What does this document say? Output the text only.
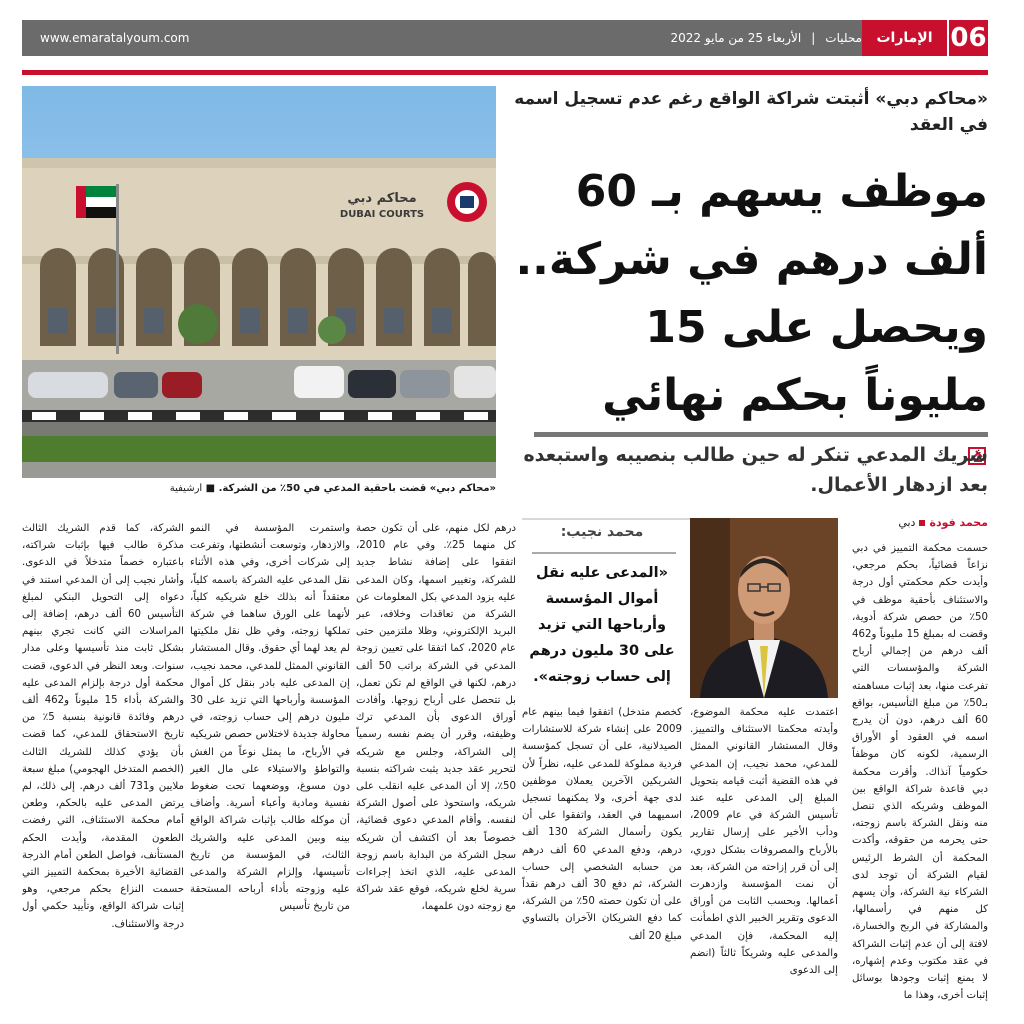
www.emaratalyoum.com	محليات|الأربعاء 25 من مايو 2022	الإمارات 06
محاكم دبي
DUBAI COURTS
«محاكم دبي» قضت بأحقية المدعي في 50٪ من الشركة. ■ أرشيفية
«محاكم دبي» أثبتت شراكة الواقع رغم عدم تسجيل اسمه في العقد
موظف يسهم بـ 60 ألف درهم في شركة.. ويحصل على 15 مليوناً بحكم نهائي
شريك المدعي تنكر له حين طالب بنصيبه واستبعده بعد ازدهار الأعمال.
محمد فودةدبي
محمد نجيب:
«المدعى عليه نقل أموال المؤسسة وأرباحها التي تزيد على 30 مليون درهم إلى حساب زوجته».

حسمت محكمة التمييز في دبي نزاعاً قضائياً، بحكم مرجعي، وأيدت حكم محكمتي أول درجة والاستئناف بأحقية موظف في 50٪ من حصص شركة أدوية، وقضت له بمبلغ 15 مليوناً و462 ألف درهم من إجمالي أرباح الشركة والمؤسسات التي تفرعت منها، بعد إثبات مساهمته بـ50٪ من مبلغ التأسيس، بواقع 60 ألف درهم، دون أن يدرج اسمه في العقود أو الأوراق الرسمية، لكونه كان موظفاً حكومياً آنذاك. وأقرت محكمة دبي قاعدة شراكة الواقع بين الموظف وشريكه الذي تنصل منه ونقل الشركة باسم زوجته، حتى يحرمه من حقوقه، وأكدت المحكمة أن الشرط الرئيس لقيام الشركة أن توجد لدى الشركاء نية الشركة، وأن يسهم كل منهم في رأسمالها، والمشاركة في الربح والخسارة، لافتة إلى أن عدم إثبات الشراكة في عقد مكتوب وعدم إشهاره، لا يمنع إثبات وجودها بوسائل إثبات أخرى، وهذا ما

اعتمدت عليه محكمة الموضوع، وأيدته محكمتا الاستئناف والتمييز. وقال المستشار القانوني الممثل للمدعي، محمد نجيب، إن المدعي في هذه القضية أثبت قيامه بتحويل المبلغ إلى المدعى عليه عند تأسيس الشركة في عام 2009، ودأب الأخير على إرسال تقارير بالأرباح والمصروفات بشكل دوري، إلى أن قرر إزاحته من الشركة، بعد أن نمت المؤسسة وازدهرت أعمالها. وبحسب الثابت من أوراق الدعوى وتقرير الخبير الذي اطمأنت إليه المحكمة، فإن المدعي والمدعى عليه وشريكاً ثالثاً (انضم إلى الدعوى

كخصم متدخل) اتفقوا فيما بينهم عام 2009 على إنشاء شركة للاستشارات الصيدلانية، على أن تسجل كمؤسسة فردية مملوكة للمدعى عليه، نظراً لأن الشريكين الآخرين يعملان موظفين لدى جهة أخرى، ولا يمكنهما تسجيل اسميهما في العقد، واتفقوا على أن يكون رأسمال الشركة 130 ألف درهم، ودفع المدعي 60 ألف درهم من حسابه الشخصي إلى حساب الشركة، ثم دفع 30 ألف درهم نقداً على أن تكون حصته 50٪ من الشركة، كما دفع الشريكان الآخران بالتساوي مبلغ 20 ألف

درهم لكل منهم، على أن تكون حصة كل منهما 25٪. وفي عام 2010، اتفقوا على إضافة نشاط جديد للشركة، وتغيير اسمها، وكان المدعى عليه يزود المدعي بكل المعلومات عن الشركة من تعاقدات وخلافه، عبر البريد الإلكتروني، وظلا ملتزمين حتى عام 2020، كما اتفقا على تعيين زوجة المدعي في الشركة براتب 50 ألف درهم، لكنها في الواقع لم تكن تعمل، بل تتحصل على أرباح زوجها. وأفادت أوراق الدعوى بأن المدعي ترك وظيفته، وقرر أن يضم نفسه رسمياً إلى الشراكة، وجلس مع شريكه لتحرير عقد جديد يثبت شراكته بنسبة 50٪، إلا أن المدعى عليه انقلب على شريكه، واستحوذ على أصول الشركة لنفسه. وأقام المدعي دعوى قضائية، خصوصاً بعد أن اكتشف أن شريكه سجل الشركة من البداية باسم زوجة المدعى عليه، الذي اتخذ إجراءات سرية لخلع شريكه، فوقع عقد شراكة مع زوجته دون علمهما،

واستمرت المؤسسة في النمو والازدهار، وتوسعت أنشطتها، وتفرعت إلى شركات أخرى، وفي هذه الأثناء نقل المدعى عليه الشركة باسمه كلياً، معتقداً أنه بذلك خلع شريكيه كلياً، لأنهما على الورق ساهما في شركة تملكها زوجته، وفي ظل نقل ملكيتها لم يعد لهما أي حقوق. وقال المستشار القانوني الممثل للمدعي، محمد نجيب، إن المدعى عليه بادر بنقل كل أموال المؤسسة وأرباحها التي تزيد على 30 مليون درهم إلى حساب زوجته، في محاولة جديدة لاختلاس حصص شريكيه في الأرباح، ما يمثل نوعاً من الغش والتواطؤ والاستيلاء على مال الغير دون مسوغ، ووضعهما تحت ضغوط نفسية ومادية وأعباء أسرية. وأضاف أن موكله طالب بإثبات شراكة الواقع بينه وبين المدعى عليه والشريك الثالث، في المؤسسة من تاريخ تأسيسها، وإلزام الشركة والمدعى عليه وزوجته بأداء أرباحه المستحقة من تاريخ تأسيس

الشركة، كما قدم الشريك الثالث مذكرة طالب فيها بإثبات شراكته، باعتباره خصماً متدخلاً في الدعوى. وأشار نجيب إلى أن المدعي استند في دعواه إلى التحويل البنكي لمبلغ التأسيس 60 ألف درهم، إضافة إلى المراسلات التي كانت تجري بينهم بشكل ثابت منذ تأسيسها وعلى مدار سنوات. وبعد النظر في الدعوى، قضت محكمة أول درجة بإلزام المدعى عليه والشركة بأداء 15 مليوناً و462 ألف درهم وفائدة قانونية بنسبة 5٪ من تاريخ الاستحقاق للمدعي، كما قضت بأن يؤدي كذلك للشريك الثالث (الخصم المتدخل الهجومي) مبلغ سبعة ملايين و731 ألف درهم. إلى ذلك، لم يرتض المدعى عليه بالحكم، وطعن أمام محكمة الاستئناف، التي رفضت الطعون المقدمة، وأيدت الحكم المستأنف، فواصل الطعن أمام الدرجة القضائية الأخيرة بمحكمة التمييز التي حسمت النزاع بحكم مرجعي، وهو إثبات شراكة الواقع، وتأييد حكمي أول درجة والاستئناف.
